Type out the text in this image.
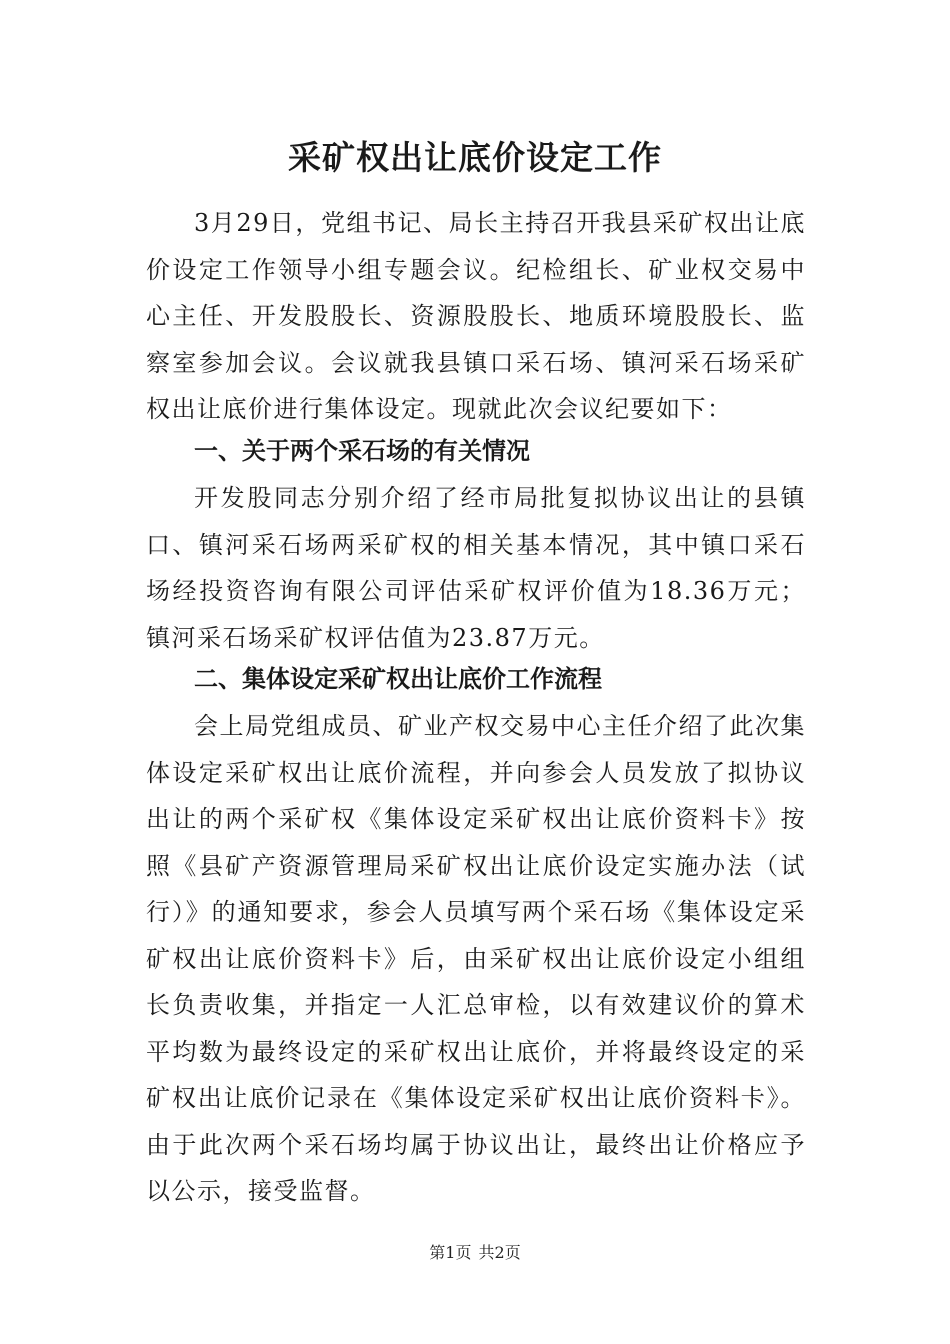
采矿权出让底价设定工作
3月29日，党组书记、局长主持召开我县采矿权出让底价设定工作领导小组专题会议。纪检组长、矿业权交易中心主任、开发股股长、资源股股长、地质环境股股长、监察室参加会议。会议就我县镇口采石场、镇河采石场采矿权出让底价进行集体设定。现就此次会议纪要如下：
一、关于两个采石场的有关情况
开发股同志分别介绍了经市局批复拟协议出让的县镇口、镇河采石场两采矿权的相关基本情况，其中镇口采石场经投资咨询有限公司评估采矿权评价值为18.36万元；镇河采石场采矿权评估值为23.87万元。
二、集体设定采矿权出让底价工作流程
会上局党组成员、矿业产权交易中心主任介绍了此次集体设定采矿权出让底价流程，并向参会人员发放了拟协议出让的两个采矿权《集体设定采矿权出让底价资料卡》按照《县矿产资源管理局采矿权出让底价设定实施办法（试行）》的通知要求，参会人员填写两个采石场《集体设定采矿权出让底价资料卡》后，由采矿权出让底价设定小组组长负责收集，并指定一人汇总审检，以有效建议价的算术平均数为最终设定的采矿权出让底价，并将最终设定的采矿权出让底价记录在《集体设定采矿权出让底价资料卡》。由于此次两个采石场均属于协议出让，最终出让价格应予以公示，接受监督。
第1页 共2页
